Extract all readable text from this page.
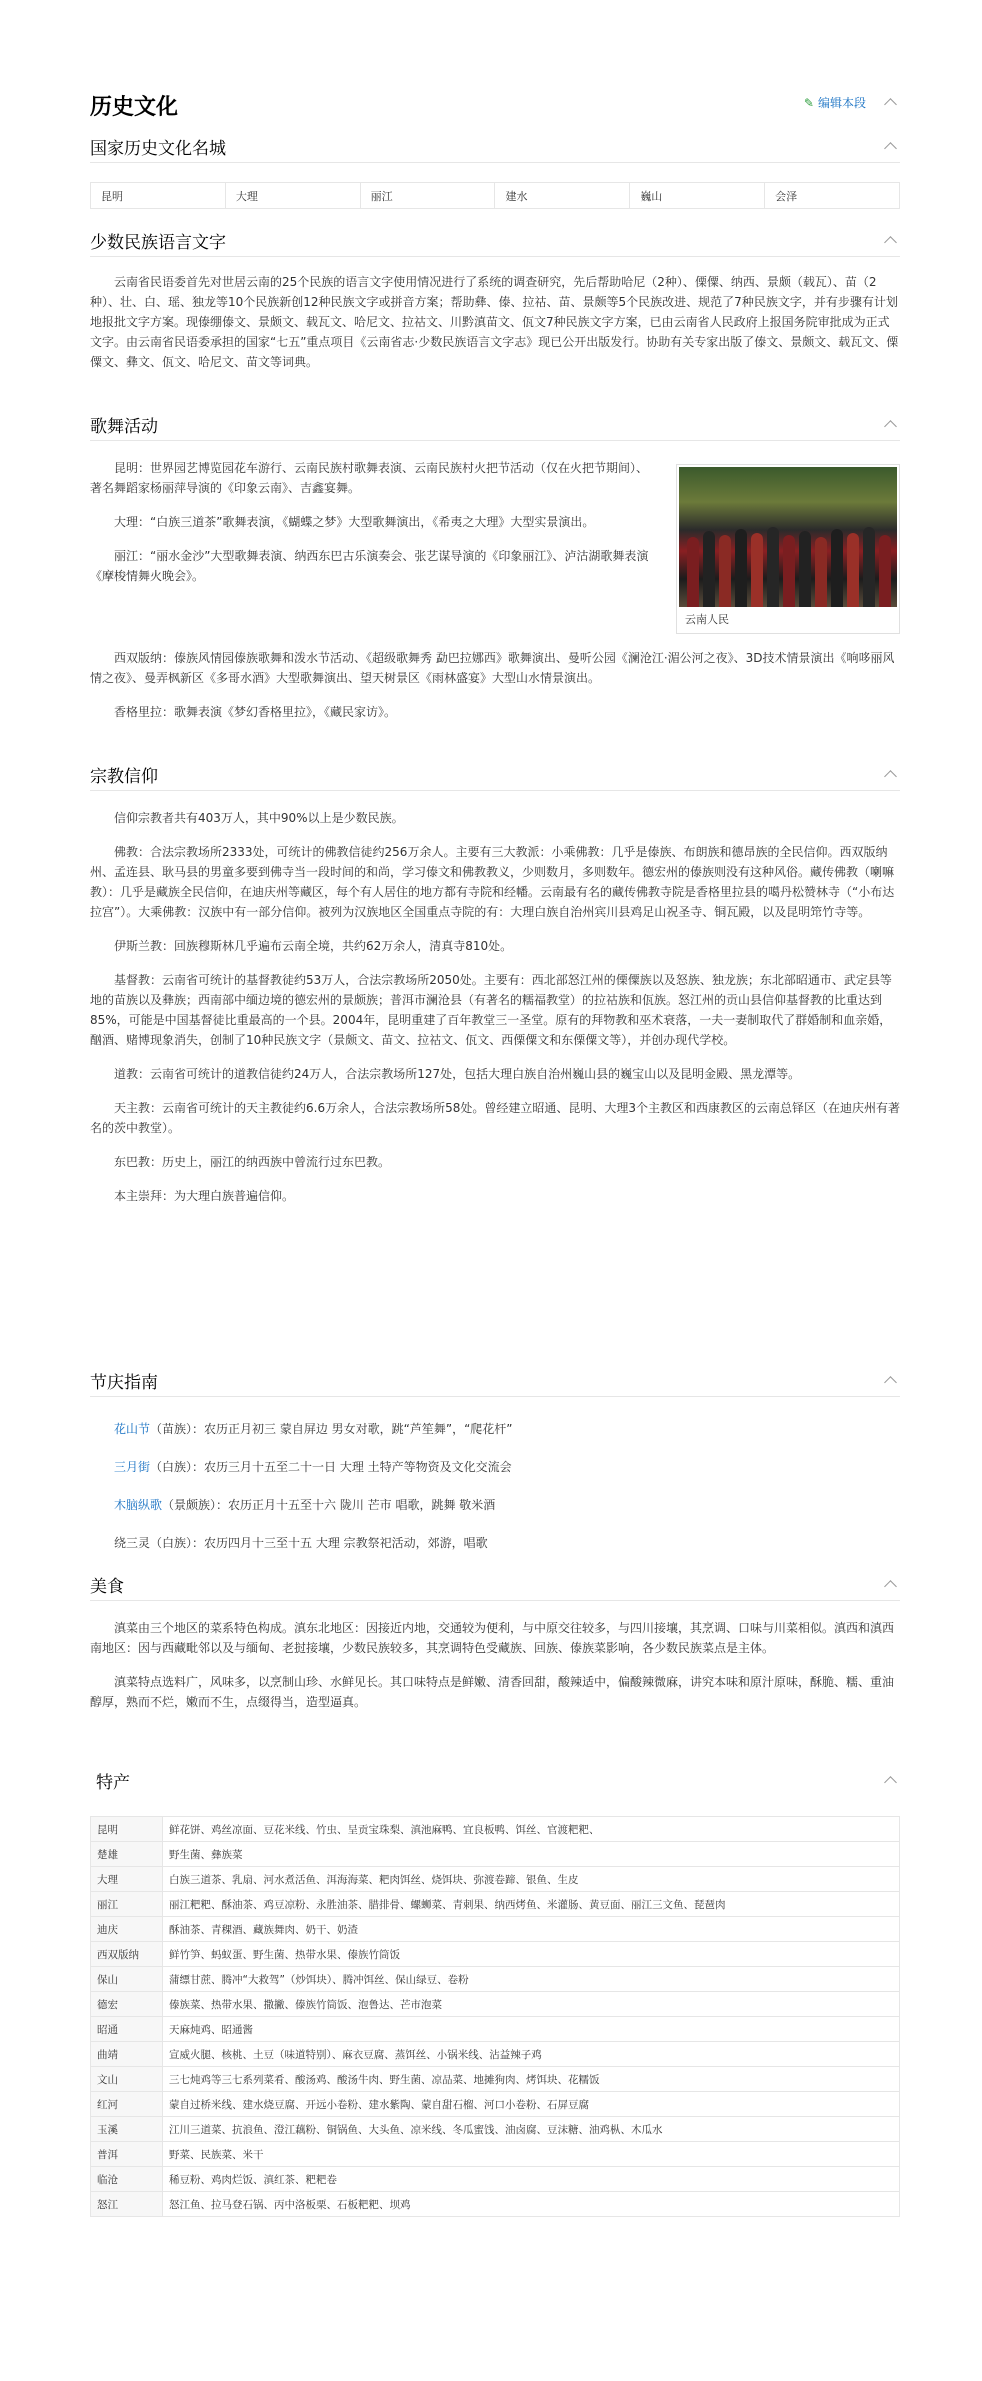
历史文化	✎ 编辑本段
国家历史文化名城
昆明	大理	丽江	建水	巍山	会泽
少数民族语言文字

云南省民语委首先对世居云南的25个民族的语言文字使用情况进行了系统的调查研究，先后帮助哈尼（2种）、傈僳、纳西、景颇（载瓦）、苗（2种）、壮、白、瑶、独龙等10个民族新创12种民族文字或拼音方案；帮助彝、傣、拉祜、苗、景颇等5个民族改进、规范了7种民族文字，并有步骤有计划地报批文字方案。现傣绷傣文、景颇文、载瓦文、哈尼文、拉祜文、川黔滇苗文、佤文7种民族文字方案，已由云南省人民政府上报国务院审批成为正式文字。由云南省民语委承担的国家“七五”重点项目《云南省志·少数民族语言文字志》现已公开出版发行。协助有关专家出版了傣文、景颇文、载瓦文、傈僳文、彝文、佤文、哈尼文、苗文等词典。

歌舞活动

昆明：世界园艺博览园花车游行、云南民族村歌舞表演、云南民族村火把节活动（仅在火把节期间）、著名舞蹈家杨丽萍导演的《印象云南》、吉鑫宴舞。

大理：“白族三道茶”歌舞表演，《蝴蝶之梦》大型歌舞演出，《希夷之大理》大型实景演出。

丽江：“丽水金沙”大型歌舞表演、纳西东巴古乐演奏会、张艺谋导演的《印象丽江》、泸沽湖歌舞表演《摩梭情舞火晚会》。

西双版纳：傣族风情园傣族歌舞和泼水节活动、《超级歌舞秀 勐巴拉娜西》歌舞演出、曼听公园《澜沧江·湄公河之夜》、3D技术情景演出《响哆丽风情之夜》、曼弄枫新区《多哥水酒》大型歌舞演出、望天树景区《雨林盛宴》大型山水情景演出。

香格里拉：歌舞表演《梦幻香格里拉》，《藏民家访》。

云南人民
宗教信仰

信仰宗教者共有403万人，其中90%以上是少数民族。

佛教：合法宗教场所2333处，可统计的佛教信徒约256万余人。主要有三大教派：小乘佛教：几乎是傣族、布朗族和德昂族的全民信仰。西双版纳州、孟连县、耿马县的男童多要到佛寺当一段时间的和尚，学习傣文和佛教教义，少则数月，多则数年。德宏州的傣族则没有这种风俗。藏传佛教（喇嘛教）：几乎是藏族全民信仰，在迪庆州等藏区，每个有人居住的地方都有寺院和经幡。云南最有名的藏传佛教寺院是香格里拉县的噶丹松赞林寺（“小布达拉宫”）。大乘佛教：汉族中有一部分信仰。被列为汉族地区全国重点寺院的有：大理白族自治州宾川县鸡足山祝圣寺、铜瓦殿，以及昆明筇竹寺等。

伊斯兰教：回族穆斯林几乎遍布云南全境，共约62万余人，清真寺810处。

基督教：云南省可统计的基督教徒约53万人，合法宗教场所2050处。主要有：西北部怒江州的傈僳族以及怒族、独龙族；东北部昭通市、武定县等地的苗族以及彝族；西南部中缅边境的德宏州的景颇族；普洱市澜沧县（有著名的糯福教堂）的拉祜族和佤族。怒江州的贡山县信仰基督教的比重达到85%，可能是中国基督徒比重最高的一个县。2004年，昆明重建了百年教堂三一圣堂。原有的拜物教和巫术衰落，一夫一妻制取代了群婚制和血亲婚，酗酒、赌博现象消失，创制了10种民族文字（景颇文、苗文、拉祜文、佤文、西傈僳文和东傈僳文等），并创办现代学校。

道教：云南省可统计的道教信徒约24万人，合法宗教场所127处，包括大理白族自治州巍山县的巍宝山以及昆明金殿、黑龙潭等。

天主教：云南省可统计的天主教徒约6.6万余人，合法宗教场所58处。曾经建立昭通、昆明、大理3个主教区和西康教区的云南总铎区（在迪庆州有著名的茨中教堂）。

东巴教：历史上，丽江的纳西族中曾流行过东巴教。

本主崇拜：为大理白族普遍信仰。

节庆指南
花山节（苗族）：农历正月初三 蒙自屏边 男女对歌，跳“芦笙舞”，“爬花杆”
三月街（白族）：农历三月十五至二十一日 大理 土特产等物资及文化交流会
木脑纵歌（景颇族）：农历正月十五至十六 陇川 芒市 唱歌，跳舞 敬米酒
绕三灵（白族）：农历四月十三至十五 大理 宗教祭祀活动，郊游，唱歌
美食

滇菜由三个地区的菜系特色构成。滇东北地区：因接近内地，交通较为便利，与中原交往较多，与四川接壤，其烹调、口味与川菜相似。滇西和滇西南地区：因与西藏毗邻以及与缅甸、老挝接壤，少数民族较多，其烹调特色受藏族、回族、傣族菜影响，各少数民族菜点是主体。

滇菜特点选料广，风味多，以烹制山珍、水鲜见长。其口味特点是鲜嫩、清香回甜，酸辣适中，偏酸辣微麻，讲究本味和原汁原味，酥脆、糯、重油醇厚，熟而不烂，嫩而不生，点缀得当，造型逼真。

特产
昆明	鲜花饼、鸡丝凉面、豆花米线、竹虫、呈贡宝珠梨、滇池麻鸭、宜良板鸭、饵丝、官渡粑粑、
楚雄	野生菌、彝族菜
大理	白族三道茶、乳扇、河水煮活鱼、洱海海菜、粑肉饵丝、烧饵块、弥渡卷蹄、银鱼、生皮
丽江	丽江粑粑、酥油茶、鸡豆凉粉、永胜油茶、腊排骨、螺蛳菜、青刺果、纳西烤鱼、米灌肠、黄豆面、丽江三文鱼、琵琶肉
迪庆	酥油茶、青稞酒、藏族舞肉、奶干、奶渣
西双版纳	鲜竹笋、蚂蚁蛋、野生菌、热带水果、傣族竹筒饭
保山	蒲缥甘蔗、腾冲“大救驾”（炒饵块）、腾冲饵丝、保山绿豆、卷粉
德宏	傣族菜、热带水果、撒撇、傣族竹筒饭、泡鲁达、芒市泡菜
昭通	天麻炖鸡、昭通酱
曲靖	宣威火腿、核桃、土豆（味道特别）、麻衣豆腐、蒸饵丝、小锅米线、沾益辣子鸡
文山	三七炖鸡等三七系列菜肴、酸汤鸡、酸汤牛肉、野生菌、凉品菜、地摊狗肉、烤饵块、花糯饭
红河	蒙自过桥米线、建水烧豆腐、开远小卷粉、建水紫陶、蒙自甜石榴、河口小卷粉、石屏豆腐
玉溪	江川三道菜、抗浪鱼、澄江藕粉、铜锅鱼、大头鱼、凉米线、冬瓜蜜饯、油卤腐、豆沫糖、油鸡枞、木瓜水
普洱	野菜、民族菜、米干
临沧	稀豆粉、鸡肉烂饭、滇红茶、粑粑卷
怒江	怒江鱼、拉马登石锅、丙中洛板栗、石板粑粑、坝鸡
